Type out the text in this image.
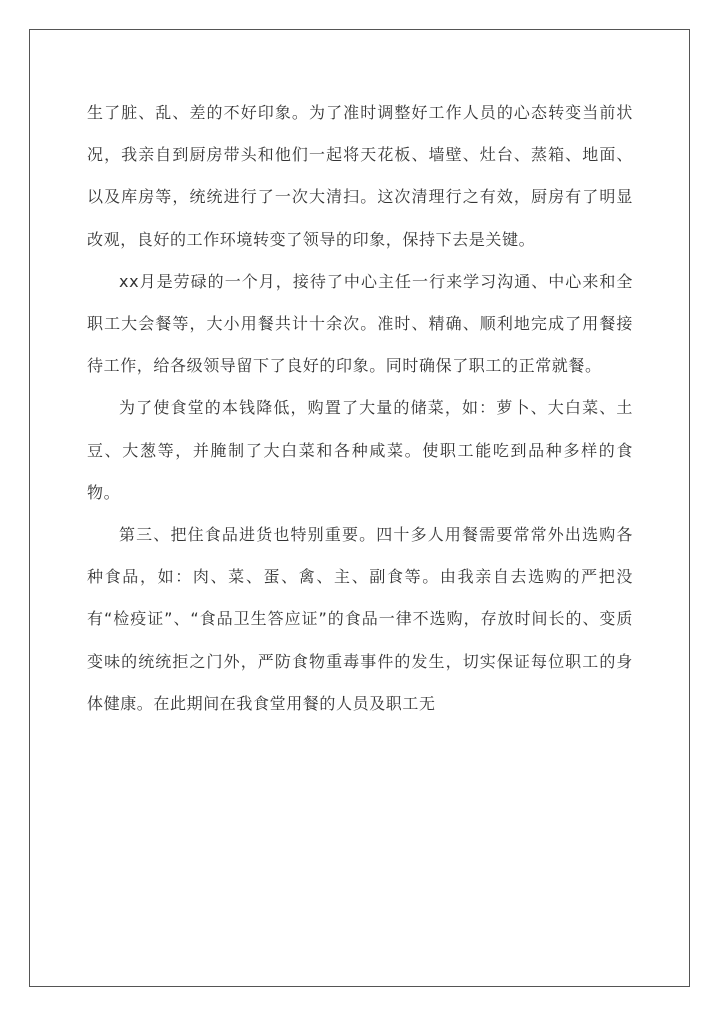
生了脏、乱、差的不好印象。为了准时调整好工作人员的心态转变当前状况，我亲自到厨房带头和他们一起将天花板、墙壁、灶台、蒸箱、地面、以及库房等，统统进行了一次大清扫。这次清理行之有效，厨房有了明显改观，良好的工作环境转变了领导的印象，保持下去是关键。

xx月是劳碌的一个月，接待了中心主任一行来学习沟通、中心来和全职工大会餐等，大小用餐共计十余次。准时、精确、顺利地完成了用餐接待工作，给各级领导留下了良好的印象。同时确保了职工的正常就餐。

为了使食堂的本钱降低，购置了大量的储菜，如：萝卜、大白菜、土豆、大葱等，并腌制了大白菜和各种咸菜。使职工能吃到品种多样的食物。

第三、把住食品进货也特别重要。四十多人用餐需要常常外出选购各种食品，如：肉、菜、蛋、禽、主、副食等。由我亲自去选购的严把没有“检疫证”、“食品卫生答应证”的食品一律不选购，存放时间长的、变质变味的统统拒之门外，严防食物重毒事件的发生，切实保证每位职工的身体健康。在此期间在我食堂用餐的人员及职工无
